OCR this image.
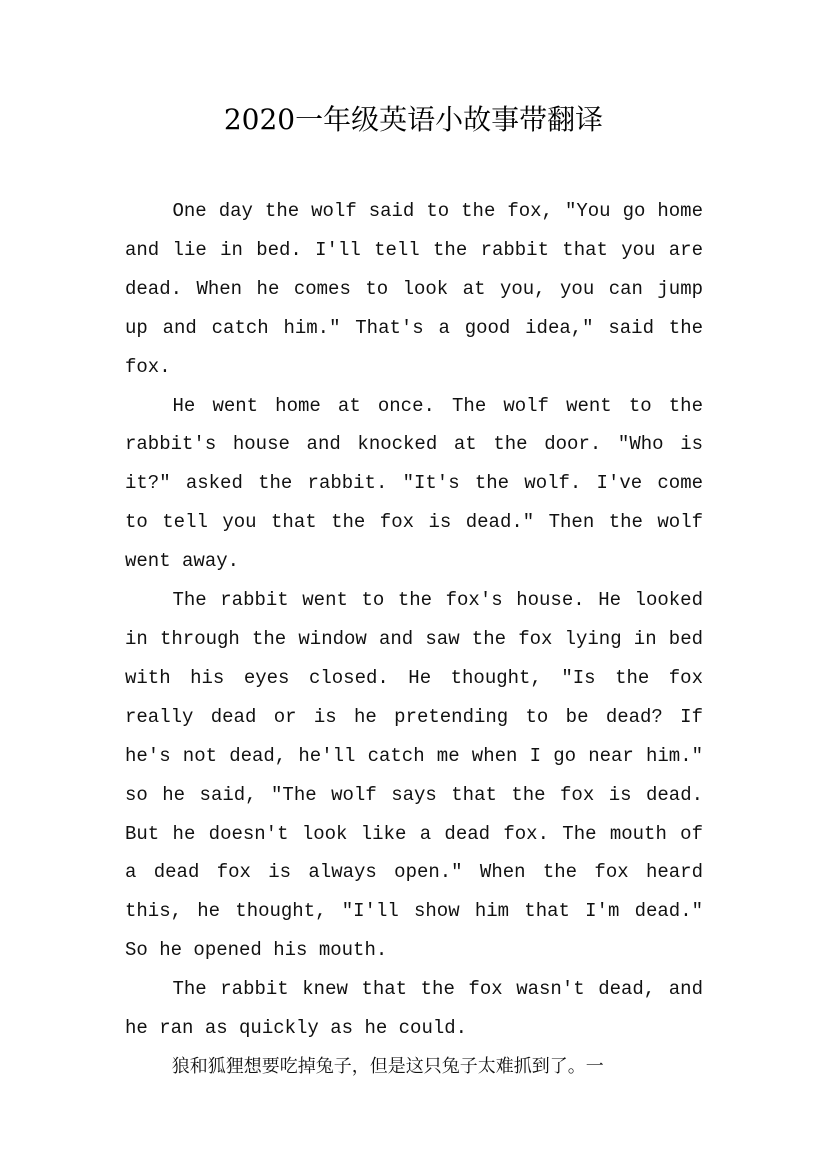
2020一年级英语小故事带翻译

One day the wolf said to the fox, "You go home and lie in bed. I'll tell the rabbit that you are dead. When he comes to look at you, you can jump up and catch him." That's a good idea," said the fox.

He went home at once. The wolf went to the rabbit's house and knocked at the door. "Who is it?" asked the rabbit. "It's the wolf. I've come to tell you that the fox is dead." Then the wolf went away.

The rabbit went to the fox's house. He looked in through the window and saw the fox lying in bed with his eyes closed. He thought, "Is the fox really dead or is he pretending to be dead? If he's not dead, he'll catch me when I go near him." so he said, "The wolf says that the fox is dead. But he doesn't look like a dead fox. The mouth of a dead fox is always open." When the fox heard this, he thought, "I'll show him that I'm dead." So he opened his mouth.

The rabbit knew that the fox wasn't dead, and he ran as quickly as he could.

狼和狐狸想要吃掉兔子，但是这只兔子太难抓到了。一
